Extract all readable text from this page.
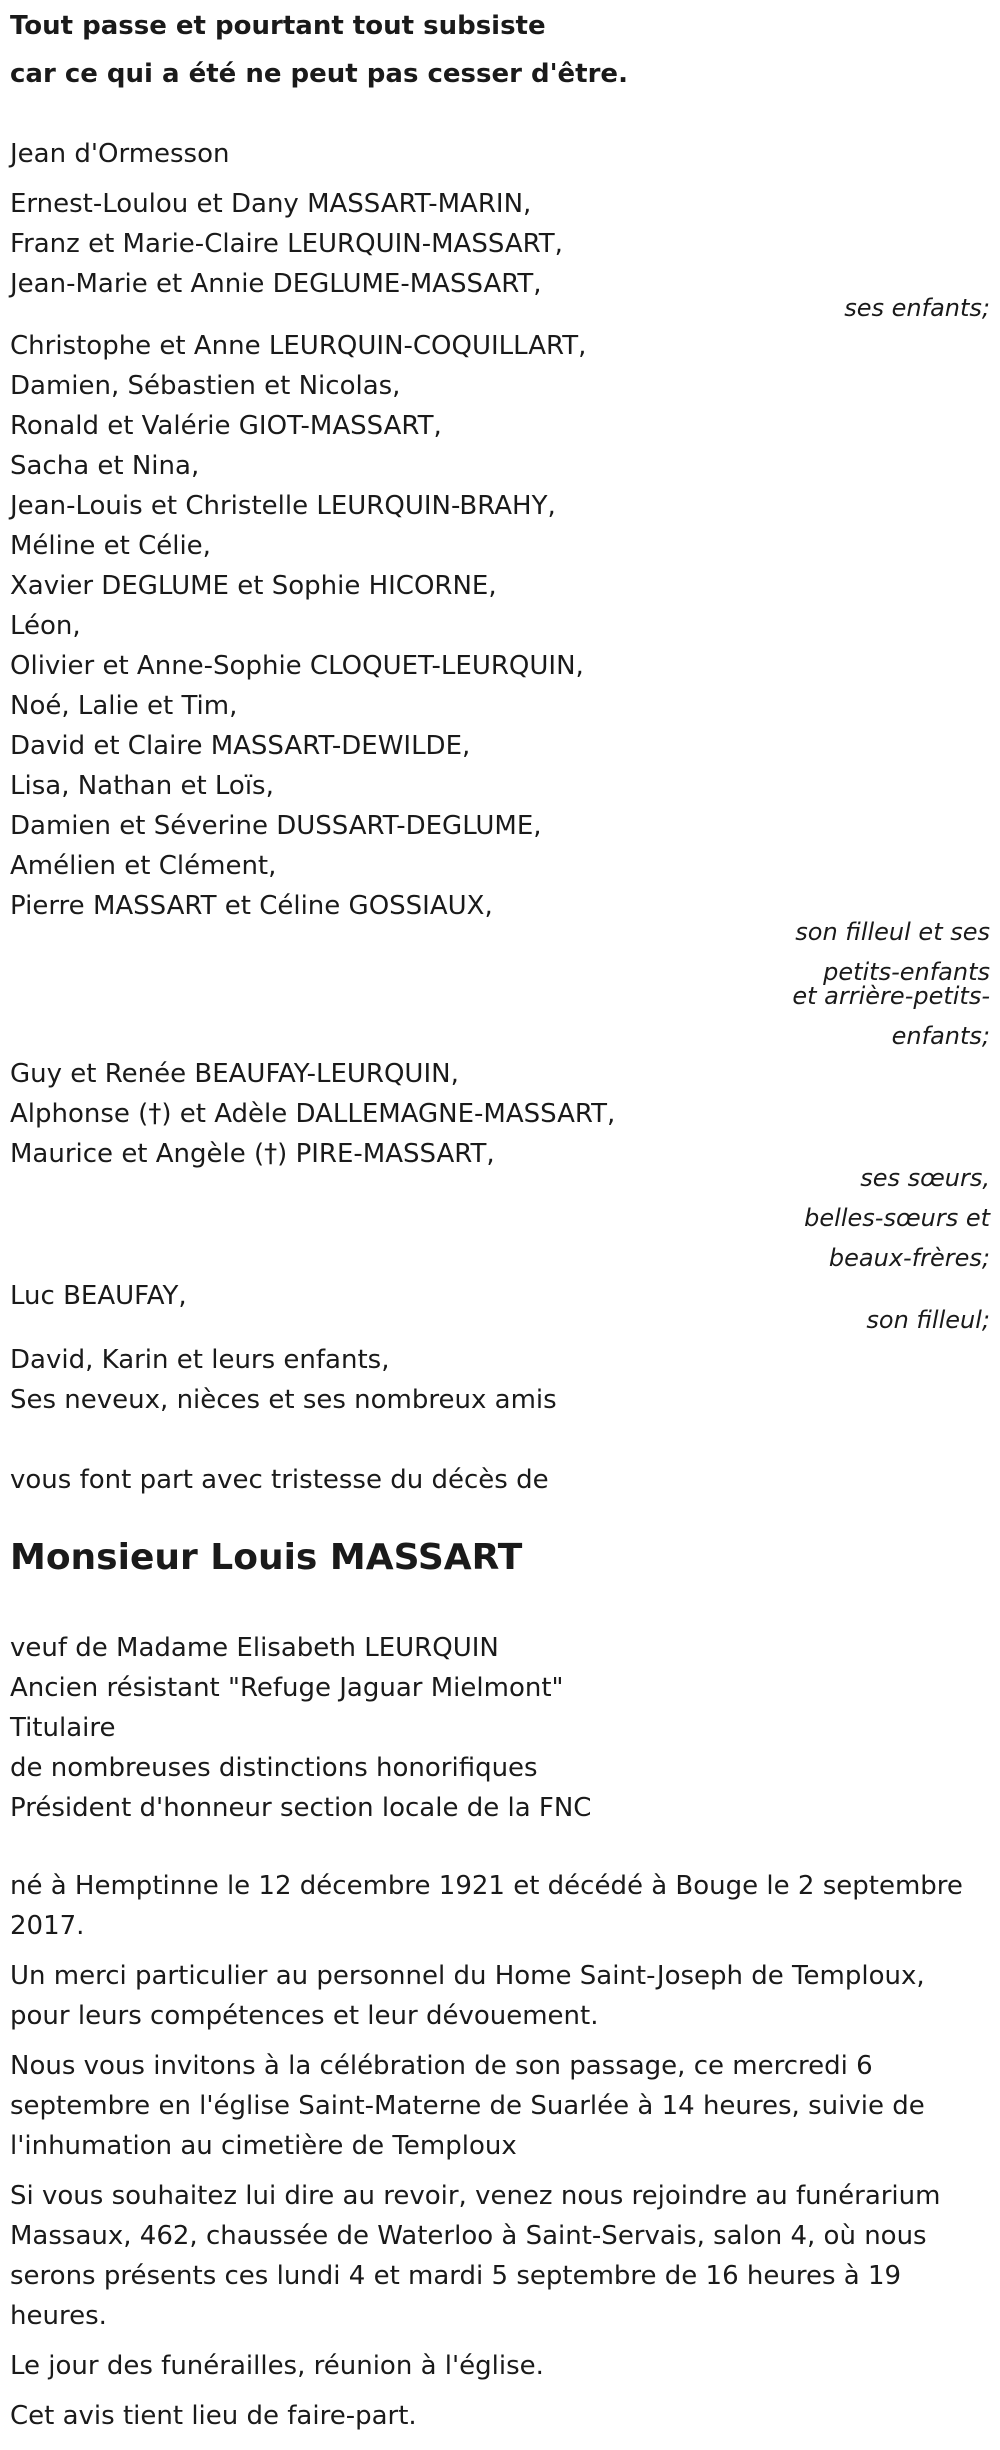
Tout passe et pourtant tout subsiste

car ce qui a été ne peut pas cesser d'être.

Jean d'Ormesson

Ernest-Loulou et Dany MASSART-MARIN,

Franz et Marie-Claire LEURQUIN-MASSART,

Jean-Marie et Annie DEGLUME-MASSART,

ses enfants;

Christophe et Anne LEURQUIN-COQUILLART,

Damien, Sébastien et Nicolas,

Ronald et Valérie GIOT-MASSART,

Sacha et Nina,

Jean-Louis et Christelle LEURQUIN-BRAHY,

Méline et Célie,

Xavier DEGLUME et Sophie HICORNE,

Léon,

Olivier et Anne-Sophie CLOQUET-LEURQUIN,

Noé, Lalie et Tim,

David et Claire MASSART-DEWILDE,

Lisa, Nathan et Loïs,

Damien et Séverine DUSSART-DEGLUME,

Amélien et Clément,

Pierre MASSART et Céline GOSSIAUX,

son filleul et ses

petits-enfants

et arrière-petits-

enfants;

Guy et Renée BEAUFAY-LEURQUIN,

Alphonse (†) et Adèle DALLEMAGNE-MASSART,

Maurice et Angèle (†) PIRE-MASSART,

ses sœurs,

belles-sœurs et

beaux-frères;

Luc BEAUFAY,

son filleul;

David, Karin et leurs enfants,

Ses neveux, nièces et ses nombreux amis

vous font part avec tristesse du décès de

Monsieur Louis MASSART

veuf de Madame Elisabeth LEURQUIN

Ancien résistant "Refuge Jaguar Mielmont"

Titulaire

de nombreuses distinctions honorifiques

Président d'honneur section locale de la FNC

né à Hemptinne le 12 décembre 1921 et décédé à Bouge le 2 septembre 2017.

Un merci particulier au personnel du Home Saint-Joseph de Temploux, pour leurs compétences et leur dévouement.

Nous vous invitons à la célébration de son passage, ce mercredi 6 septembre en l'église Saint-Materne de Suarlée à 14 heures, suivie de l'inhumation au cimetière de Temploux

Si vous souhaitez lui dire au revoir, venez nous rejoindre au funérarium Massaux, 462, chaussée de Waterloo à Saint-Servais, salon 4, où nous serons présents ces lundi 4 et mardi 5 septembre de 16 heures à 19 heures.

Le jour des funérailles, réunion à l'église.

Cet avis tient lieu de faire-part.
